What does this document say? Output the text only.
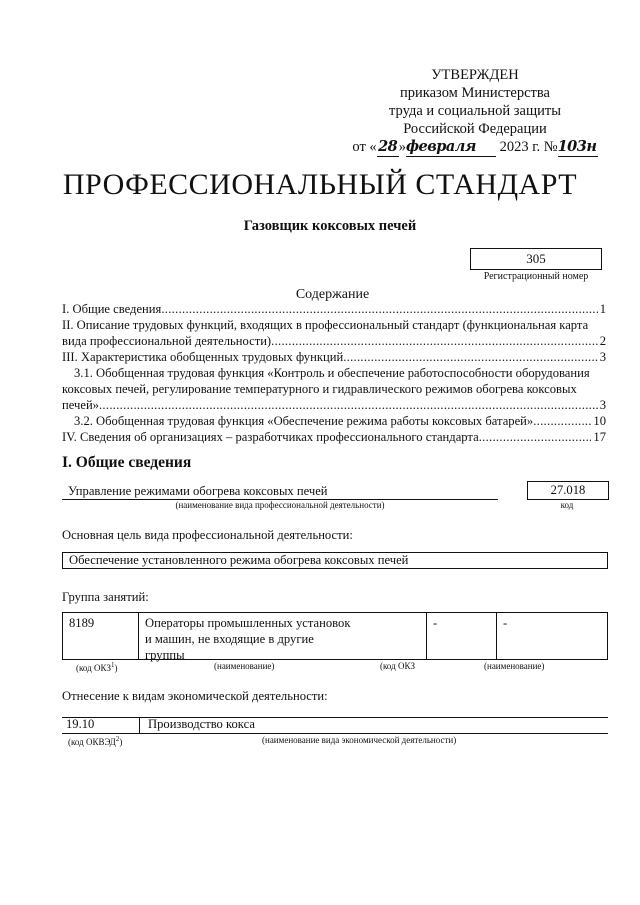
УТВЕРЖДЕН
приказом Министерства
труда и социальной защиты
Российской Федерации
от «28»февраля 2023 г. №103н
ПРОФЕССИОНАЛЬНЫЙ СТАНДАРТ
Газовщик коксовых печей
305
Регистрационный номер
Содержание
I. Общие сведения .....	1
II. Описание трудовых функций, входящих в профессиональный стандарт (функциональная карта
вида профессиональной деятельности) .....	2
III. Характеристика обобщенных трудовых функций .....	3
3.1. Обобщенная трудовая функция «Контроль и обеспечение работоспособности оборудования
коксовых печей, регулирование температурного и гидравлического режимов обогрева коксовых
печей» .....	3
3.2. Обобщенная трудовая функция «Обеспечение режима работы коксовых батарей» .....	10
IV. Сведения об организациях – разработчиках профессионального стандарта .....	17
I. Общие сведения
Управление режимами обогрева коксовых печей
(наименование вида профессиональной деятельности)
27.018
код
Основная цель вида профессиональной деятельности:
Обеспечение установленного режима обогрева коксовых печей
Группа занятий:
8189	Операторы промышленных установок
и машин, не входящие в другие
группы
-	-
(код ОКЗ$^1$)	(наименование)	(код ОКЗ	(наименование)
Отнесение к видам экономической деятельности:
19.10	Производство кокса
(код ОКВЭД$^2$)	(наименование вида экономической деятельности)
